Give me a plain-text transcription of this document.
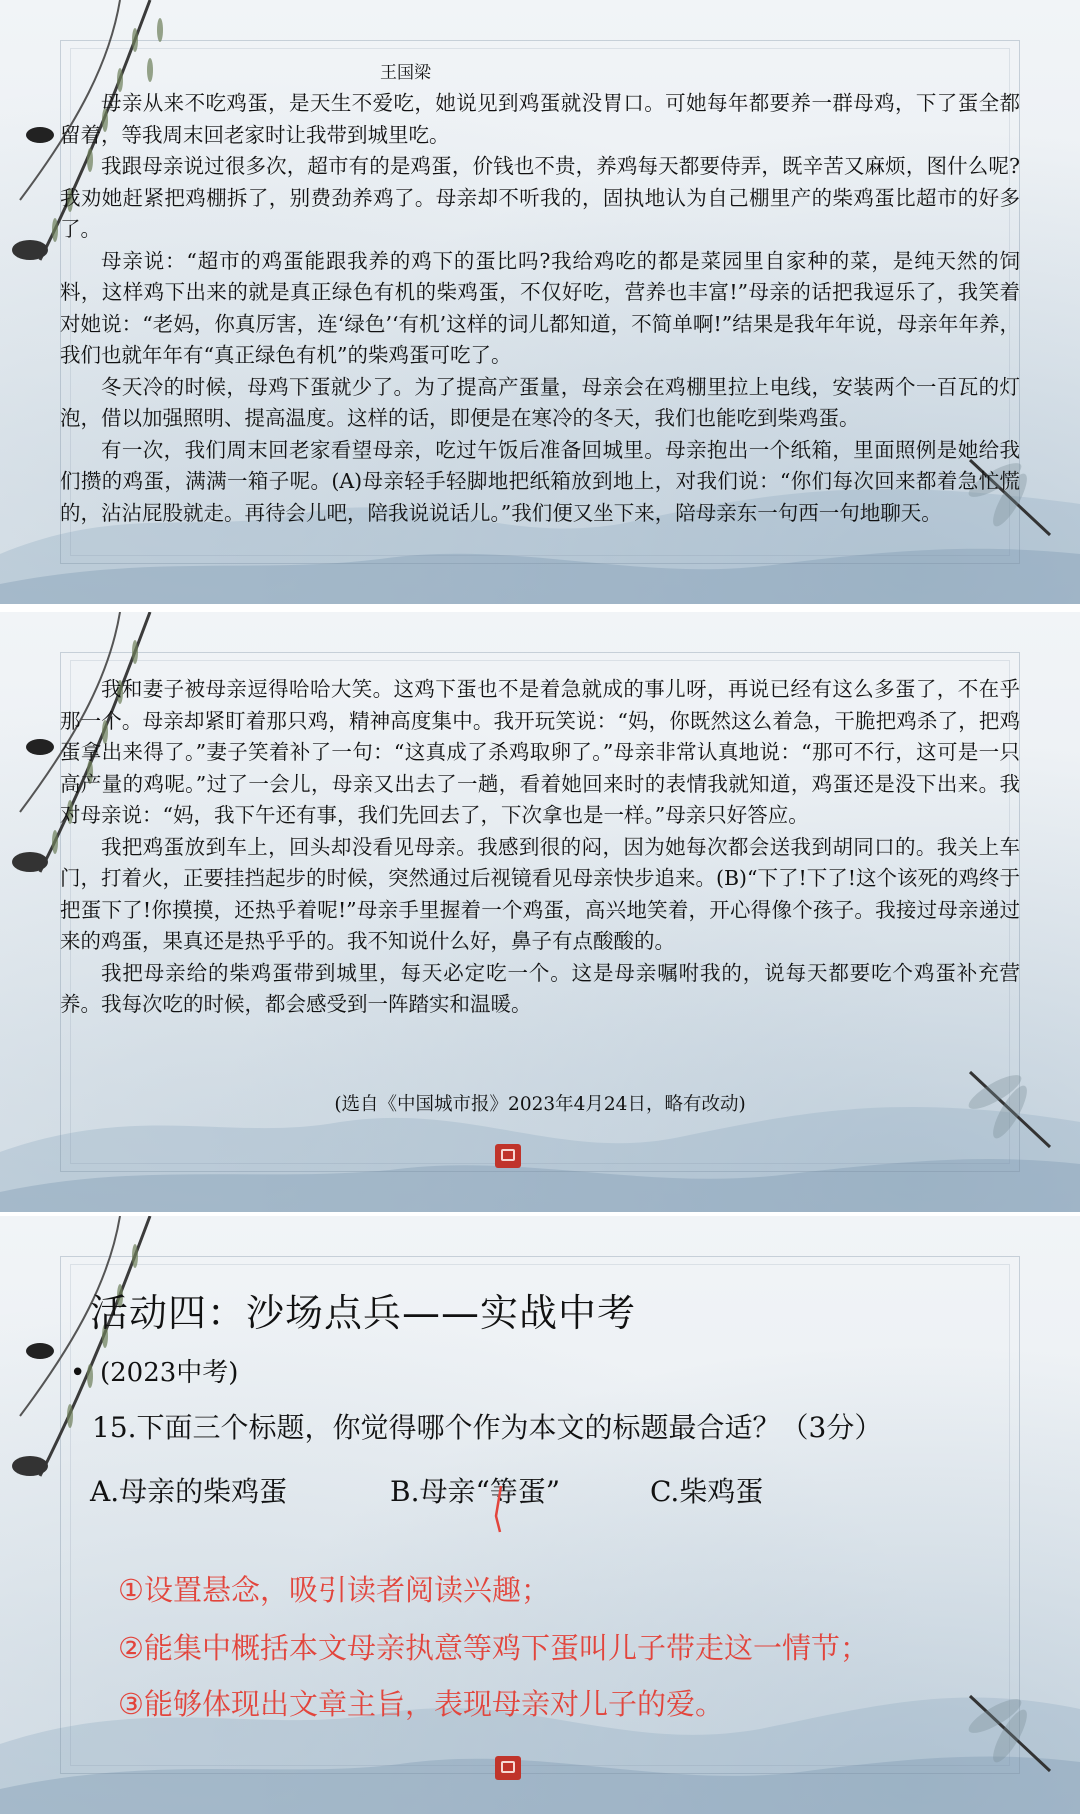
王国梁

母亲从来不吃鸡蛋，是天生不爱吃，她说见到鸡蛋就没胃口。可她每年都要养一群母鸡，下了蛋全都留着，等我周末回老家时让我带到城里吃。

我跟母亲说过很多次，超市有的是鸡蛋，价钱也不贵，养鸡每天都要侍弄，既辛苦又麻烦，图什么呢?我劝她赶紧把鸡棚拆了，别费劲养鸡了。母亲却不听我的，固执地认为自己棚里产的柴鸡蛋比超市的好多了。

母亲说：“超市的鸡蛋能跟我养的鸡下的蛋比吗?我给鸡吃的都是菜园里自家种的菜，是纯天然的饲料，这样鸡下出来的就是真正绿色有机的柴鸡蛋，不仅好吃，营养也丰富!”母亲的话把我逗乐了，我笑着对她说：“老妈，你真厉害，连‘绿色’‘有机’这样的词儿都知道，不简单啊!”结果是我年年说，母亲年年养，我们也就年年有“真正绿色有机”的柴鸡蛋可吃了。

冬天冷的时候，母鸡下蛋就少了。为了提高产蛋量，母亲会在鸡棚里拉上电线，安装两个一百瓦的灯泡，借以加强照明、提高温度。这样的话，即便是在寒冷的冬天，我们也能吃到柴鸡蛋。

有一次，我们周末回老家看望母亲，吃过午饭后准备回城里。母亲抱出一个纸箱，里面照例是她给我们攒的鸡蛋，满满一箱子呢。(A)母亲轻手轻脚地把纸箱放到地上，对我们说：“你们每次回来都着急忙慌的，沾沾屁股就走。再待会儿吧，陪我说说话儿。”我们便又坐下来，陪母亲东一句西一句地聊天。

我和妻子被母亲逗得哈哈大笑。这鸡下蛋也不是着急就成的事儿呀，再说已经有这么多蛋了，不在乎那一个。母亲却紧盯着那只鸡，精神高度集中。我开玩笑说：“妈，你既然这么着急，干脆把鸡杀了，把鸡蛋拿出来得了。”妻子笑着补了一句：“这真成了杀鸡取卵了。”母亲非常认真地说：“那可不行，这可是一只高产量的鸡呢。”过了一会儿，母亲又出去了一趟，看着她回来时的表情我就知道，鸡蛋还是没下出来。我对母亲说：“妈，我下午还有事，我们先回去了，下次拿也是一样。”母亲只好答应。

我把鸡蛋放到车上，回头却没看见母亲。我感到很的闷，因为她每次都会送我到胡同口的。我关上车门，打着火，正要挂挡起步的时候，突然通过后视镜看见母亲快步追来。(B)“下了!下了!这个该死的鸡终于把蛋下了!你摸摸，还热乎着呢!”母亲手里握着一个鸡蛋，高兴地笑着，开心得像个孩子。我接过母亲递过来的鸡蛋，果真还是热乎乎的。我不知说什么好，鼻子有点酸酸的。

我把母亲给的柴鸡蛋带到城里，每天必定吃一个。这是母亲嘱咐我的，说每天都要吃个鸡蛋补充营养。我每次吃的时候，都会感受到一阵踏实和温暖。

(选自《中国城市报》2023年4月24日，略有改动)
活动四：沙场点兵——实战中考
• (2023中考)
15.下面三个标题，你觉得哪个作为本文的标题最合适？（3分）
A.母亲的柴鸡蛋	B.母亲“等蛋”	C.柴鸡蛋
①设置悬念，吸引读者阅读兴趣；
②能集中概括本文母亲执意等鸡下蛋叫儿子带走这一情节；
③能够体现出文章主旨，表现母亲对儿子的爱。
